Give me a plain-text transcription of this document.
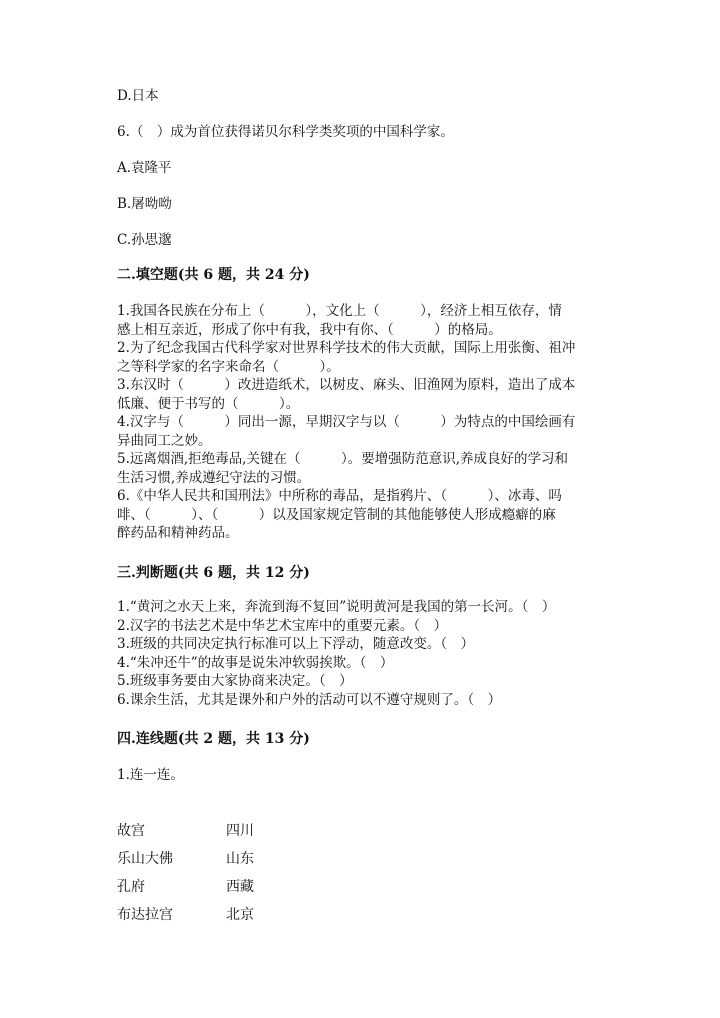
D.日本
6.（　）成为首位获得诺贝尔科学类奖项的中国科学家。
A.袁隆平
B.屠呦呦
C.孙思邈
二.填空题(共 6 题，共 24 分)
1.我国各民族在分布上（　　　），文化上（　　　），经济上相互依存，情
感上相互亲近，形成了你中有我，我中有你、（　　　）的格局。
2.为了纪念我国古代科学家对世界科学技术的伟大贡献，国际上用张衡、祖冲
之等科学家的名字来命名（　　　）。
3.东汉时（　　　）改进造纸术，以树皮、麻头、旧渔网为原料，造出了成本
低廉、便于书写的（　　　）。
4.汉字与（　　　）同出一源，早期汉字与以（　　　）为特点的中国绘画有
异曲同工之妙。
5.远离烟酒,拒绝毒品,关键在（　　　）。要增强防范意识,养成良好的学习和
生活习惯,养成遵纪守法的习惯。
6.《中华人民共和国刑法》中所称的毒品，是指鸦片、（　　　）、冰毒、吗
啡、（　　　）、（　　　）以及国家规定管制的其他能够使人形成瘾癖的麻
醉药品和精神药品。
三.判断题(共 6 题，共 12 分)
1.“黄河之水天上来，奔流到海不复回”说明黄河是我国的第一长河。（　）
2.汉字的书法艺术是中华艺术宝库中的重要元素。（　）
3.班级的共同决定执行标准可以上下浮动，随意改变。（　）
4.“朱冲还牛”的故事是说朱冲软弱挨欺。（　）
5.班级事务要由大家协商来决定。（　）
6.课余生活，尤其是课外和户外的活动可以不遵守规则了。（　）
四.连线题(共 2 题，共 13 分)
1.连一连。
故宫
乐山大佛
孔府
布达拉宫
四川
山东
西藏
北京
